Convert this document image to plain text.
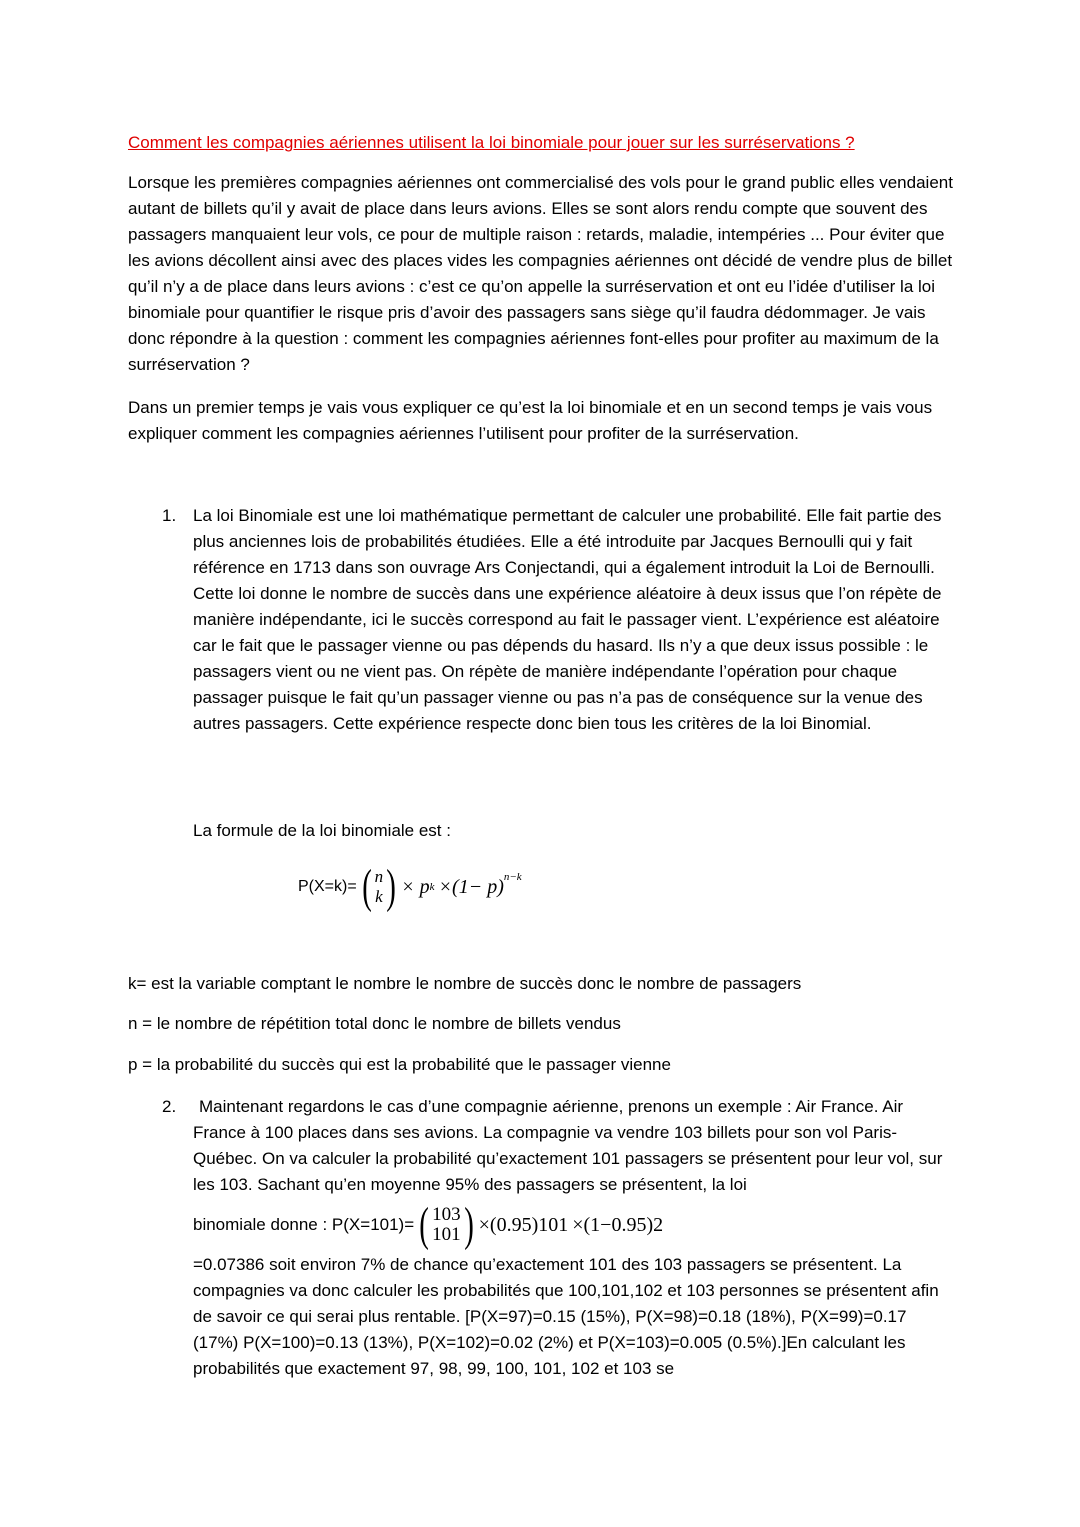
Comment les compagnies aériennes utilisent la loi binomiale pour jouer sur les surréservations ?
Lorsque les premières compagnies aériennes ont commercialisé des vols pour le grand public elles vendaient autant de billets qu’il y avait de place dans leurs avions. Elles se sont alors rendu compte que souvent des passagers manquaient leur vols, ce pour de multiple raison : retards, maladie, intempéries ... Pour éviter que les avions décollent ainsi avec des places vides les compagnies aériennes ont décidé de vendre plus de billet qu’il n’y a de place dans leurs avions : c’est ce qu’on appelle la surréservation et ont eu l’idée d’utiliser la loi binomiale pour quantifier le risque pris d’avoir des passagers sans siège qu’il faudra dédommager. Je vais donc répondre à la question : comment les compagnies aériennes font-elles pour profiter au maximum de la surréservation ?
Dans un premier temps je vais vous expliquer ce qu’est la loi binomiale et en un second temps je vais vous expliquer comment les compagnies aériennes l’utilisent pour profiter de la surréservation.
1. La loi Binomiale est une loi mathématique permettant de calculer une probabilité. Elle fait partie des plus anciennes lois de probabilités étudiées. Elle a été introduite par Jacques Bernoulli qui y fait référence en 1713 dans son ouvrage Ars Conjectandi, qui a également introduit la Loi de Bernoulli.
Cette loi donne le nombre de succès dans une expérience aléatoire à deux issus que l’on répète de manière indépendante, ici le succès correspond au fait le passager vient. L’expérience est aléatoire car le fait que le passager vienne ou pas dépends du hasard. Ils n’y a que deux issus possible : le passagers vient ou ne vient pas. On répète de manière indépendante l’opération pour chaque passager puisque le fait qu’un passager vienne ou pas n’a pas de conséquence sur la venue des autres passagers. Cette expérience respecte donc bien tous les critères de la loi Binomial.
La formule de la loi binomiale est :
P(X=k)= ( n
k ) × p k ×(1− p) n−k
k= est la variable comptant le nombre le nombre de succès donc le nombre de passagers
n = le nombre de répétition total donc le nombre de billets vendus
p = la probabilité du succès qui est la probabilité que le passager vienne
2.	Maintenant regardons le cas d’une compagnie aérienne, prenons un exemple : Air France. Air France à 100 places dans ses avions. La compagnie va vendre 103 billets pour son vol Paris-Québec. On va calculer la probabilité qu’exactement 101 passagers se présentent pour leur vol, sur les 103. Sachant qu’en moyenne 95% des passagers se présentent, la loi
binomiale donne : P(X=101)= ( 103
101 ) ×(0.95) 101 ×(1−0.95) 2
=0.07386 soit environ 7% de chance qu’exactement 101 des 103 passagers se présentent. La compagnies va donc calculer les probabilités que 100,101,102 et 103 personnes se présentent afin de savoir ce qui serai plus rentable. [P(X=97)=0.15 (15%), P(X=98)=0.18 (18%), P(X=99)=0.17 (17%) P(X=100)=0.13 (13%), P(X=102)=0.02 (2%) et P(X=103)=0.005 (0.5%).]En calculant les probabilités que exactement 97, 98, 99, 100, 101, 102 et 103 se
